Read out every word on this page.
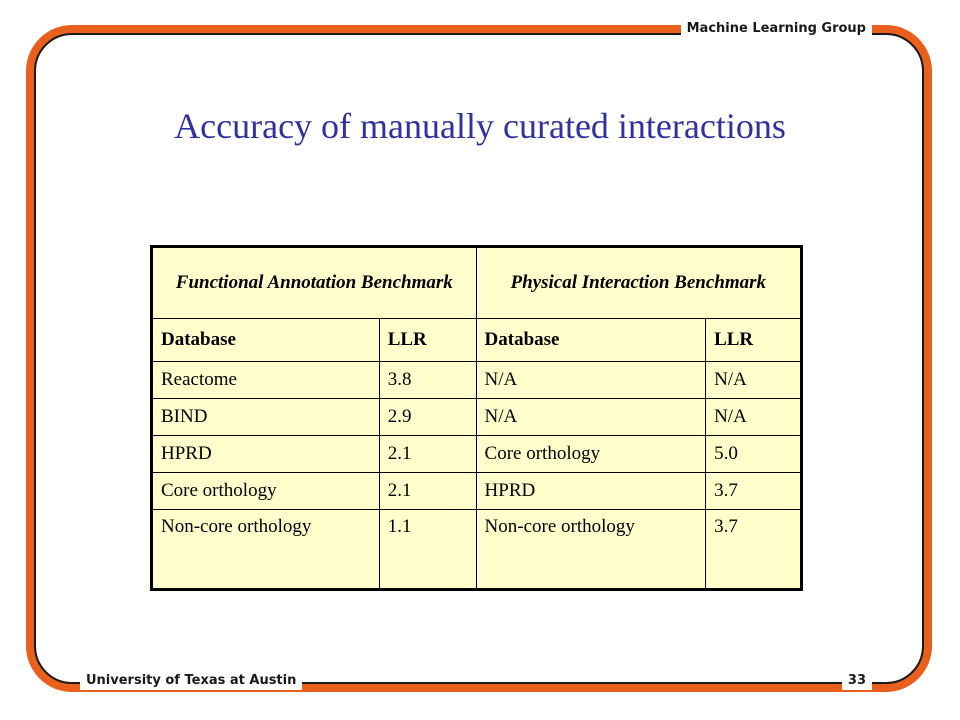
Machine Learning Group
University of Texas at Austin	33
Accuracy of manually curated interactions
Functional Annotation Benchmark		Physical Interaction Benchmark	
Database	LLR	Database	LLR
Reactome	3.8	N/A	N/A
BIND	2.9	N/A	N/A
HPRD	2.1	Core orthology	5.0
Core orthology	2.1	HPRD	3.7
Non-core orthology	1.1	Non-core orthology	3.7
